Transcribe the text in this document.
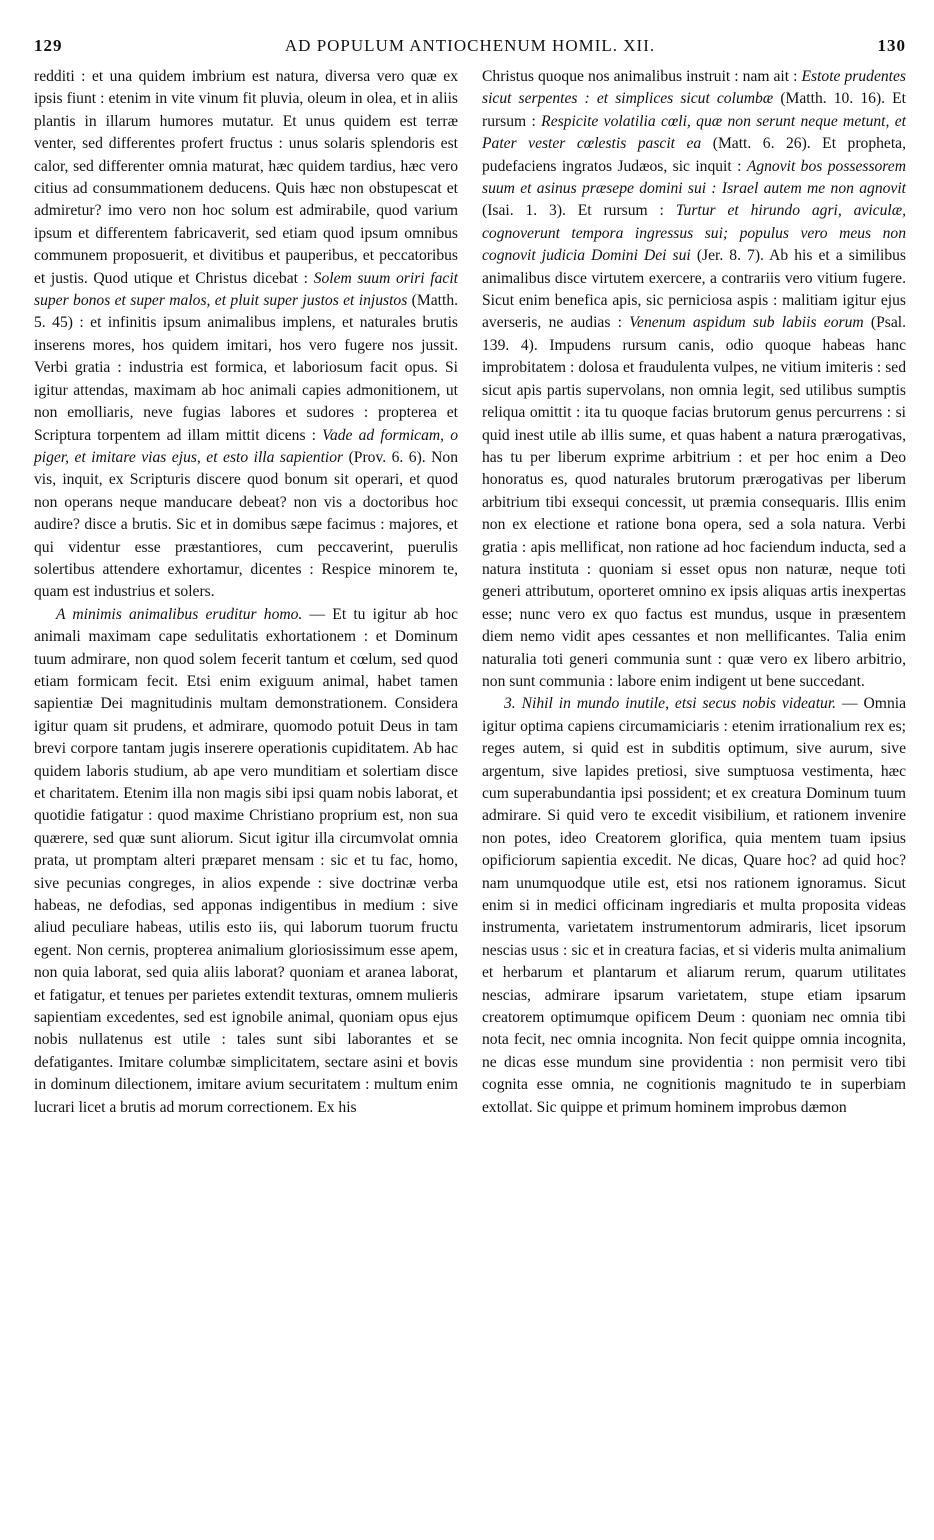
129	AD POPULUM ANTIOCHENUM HOMIL. XII.	130

redditi : et una quidem imbrium est natura, diversa vero quæ ex ipsis fiunt : etenim in vite vinum fit pluvia, oleum in olea, et in aliis plantis in illarum humores mutatur. Et unus quidem est terræ venter, sed differentes profert fructus : unus solaris splendoris est calor, sed differenter omnia maturat, hæc quidem tardius, hæc vero citius ad consummationem deducens. Quis hæc non obstupescat et admiretur? imo vero non hoc solum est admirabile, quod varium ipsum et differentem fabricaverit, sed etiam quod ipsum omnibus communem proposuerit, et divitibus et pauperibus, et peccatoribus et justis. Quod utique et Christus dicebat : Solem suum oriri facit super bonos et super malos, et pluit super justos et injustos (Matth. 5. 45) : et infinitis ipsum animalibus implens, et naturales brutis inserens mores, hos quidem imitari, hos vero fugere nos jussit. Verbi gratia : industria est formica, et laboriosum facit opus. Si igitur attendas, maximam ab hoc animali capies admonitionem, ut non emolliaris, neve fugias labores et sudores : propterea et Scriptura torpentem ad illam mittit dicens : Vade ad formicam, o piger, et imitare vias ejus, et esto illa sapientior (Prov. 6. 6). Non vis, inquit, ex Scripturis discere quod bonum sit operari, et quod non operans neque manducare debeat? non vis a doctoribus hoc audire? disce a brutis. Sic et in domibus sæpe facimus : majores, et qui videntur esse præstantiores, cum peccaverint, puerulis solertibus attendere exhortamur, dicentes : Respice minorem te, quam est industrius et solers.

A minimis animalibus eruditur homo. — Et tu igitur ab hoc animali maximam cape sedulitatis exhortationem : et Dominum tuum admirare, non quod solem fecerit tantum et cœlum, sed quod etiam formicam fecit. Etsi enim exiguum animal, habet tamen sapientiæ Dei magnitudinis multam demonstrationem. Considera igitur quam sit prudens, et admirare, quomodo potuit Deus in tam brevi corpore tantam jugis inserere operationis cupiditatem. Ab hac quidem laboris studium, ab ape vero munditiam et solertiam disce et charitatem. Etenim illa non magis sibi ipsi quam nobis laborat, et quotidie fatigatur : quod maxime Christiano proprium est, non sua quærere, sed quæ sunt aliorum. Sicut igitur illa circumvolat omnia prata, ut promptam alteri præparet mensam : sic et tu fac, homo, sive pecunias congreges, in alios expende : sive doctrinæ verba habeas, ne defodias, sed apponas indigentibus in medium : sive aliud peculiare habeas, utilis esto iis, qui laborum tuorum fructu egent. Non cernis, propterea animalium gloriosissimum esse apem, non quia laborat, sed quia aliis laborat? quoniam et aranea laborat, et fatigatur, et tenues per parietes extendit texturas, omnem mulieris sapientiam excedentes, sed est ignobile animal, quoniam opus ejus nobis nullatenus est utile : tales sunt sibi laborantes et se defatigantes. Imitare columbæ simplicitatem, sectare asini et bovis in dominum dilectionem, imitare avium securitatem : multum enim lucrari licet a brutis ad morum correctionem. Ex his

Christus quoque nos animalibus instruit : nam ait : Estote prudentes sicut serpentes : et simplices sicut columbæ (Matth. 10. 16). Et rursum : Respicite volatilia cœli, quæ non serunt neque metunt, et Pater vester cœlestis pascit ea (Matt. 6. 26). Et propheta, pudefaciens ingratos Judæos, sic inquit : Agnovit bos possessorem suum et asinus præsepe domini sui : Israel autem me non agnovit (Isai. 1. 3). Et rursum : Turtur et hirundo agri, aviculæ, cognoverunt tempora ingressus sui; populus vero meus non cognovit judicia Domini Dei sui (Jer. 8. 7). Ab his et a similibus animalibus disce virtutem exercere, a contrariis vero vitium fugere. Sicut enim benefica apis, sic perniciosa aspis : malitiam igitur ejus averseris, ne audias : Venenum aspidum sub labiis eorum (Psal. 139. 4). Impudens rursum canis, odio quoque habeas hanc improbitatem : dolosa et fraudulenta vulpes, ne vitium imiteris : sed sicut apis partis supervolans, non omnia legit, sed utilibus sumptis reliqua omittit : ita tu quoque facias brutorum genus percurrens : si quid inest utile ab illis sume, et quas habent a natura prærogativas, has tu per liberum exprime arbitrium : et per hoc enim a Deo honoratus es, quod naturales brutorum prærogativas per liberum arbitrium tibi exsequi concessit, ut præmia consequaris. Illis enim non ex electione et ratione bona opera, sed a sola natura. Verbi gratia : apis mellificat, non ratione ad hoc faciendum inducta, sed a natura instituta : quoniam si esset opus non naturæ, neque toti generi attributum, oporteret omnino ex ipsis aliquas artis inexpertas esse; nunc vero ex quo factus est mundus, usque in præsentem diem nemo vidit apes cessantes et non mellificantes. Talia enim naturalia toti generi communia sunt : quæ vero ex libero arbitrio, non sunt communia : labore enim indigent ut bene succedant.

3. Nihil in mundo inutile, etsi secus nobis videatur. — Omnia igitur optima capiens circumamiciaris : etenim irrationalium rex es; reges autem, si quid est in subditis optimum, sive aurum, sive argentum, sive lapides pretiosi, sive sumptuosa vestimenta, hæc cum superabundantia ipsi possident; et ex creatura Dominum tuum admirare. Si quid vero te excedit visibilium, et rationem invenire non potes, ideo Creatorem glorifica, quia mentem tuam ipsius opificiorum sapientia excedit. Ne dicas, Quare hoc? ad quid hoc? nam unumquodque utile est, etsi nos rationem ignoramus. Sicut enim si in medici officinam ingrediaris et multa proposita videas instrumenta, varietatem instrumentorum admiraris, licet ipsorum nescias usus : sic et in creatura facias, et si videris multa animalium et herbarum et plantarum et aliarum rerum, quarum utilitates nescias, admirare ipsarum varietatem, stupe etiam ipsarum creatorem optimumque opificem Deum : quoniam nec omnia tibi nota fecit, nec omnia incognita. Non fecit quippe omnia incognita, ne dicas esse mundum sine providentia : non permisit vero tibi cognita esse omnia, ne cognitionis magnitudo te in superbiam extollat. Sic quippe et primum hominem improbus dæmon
